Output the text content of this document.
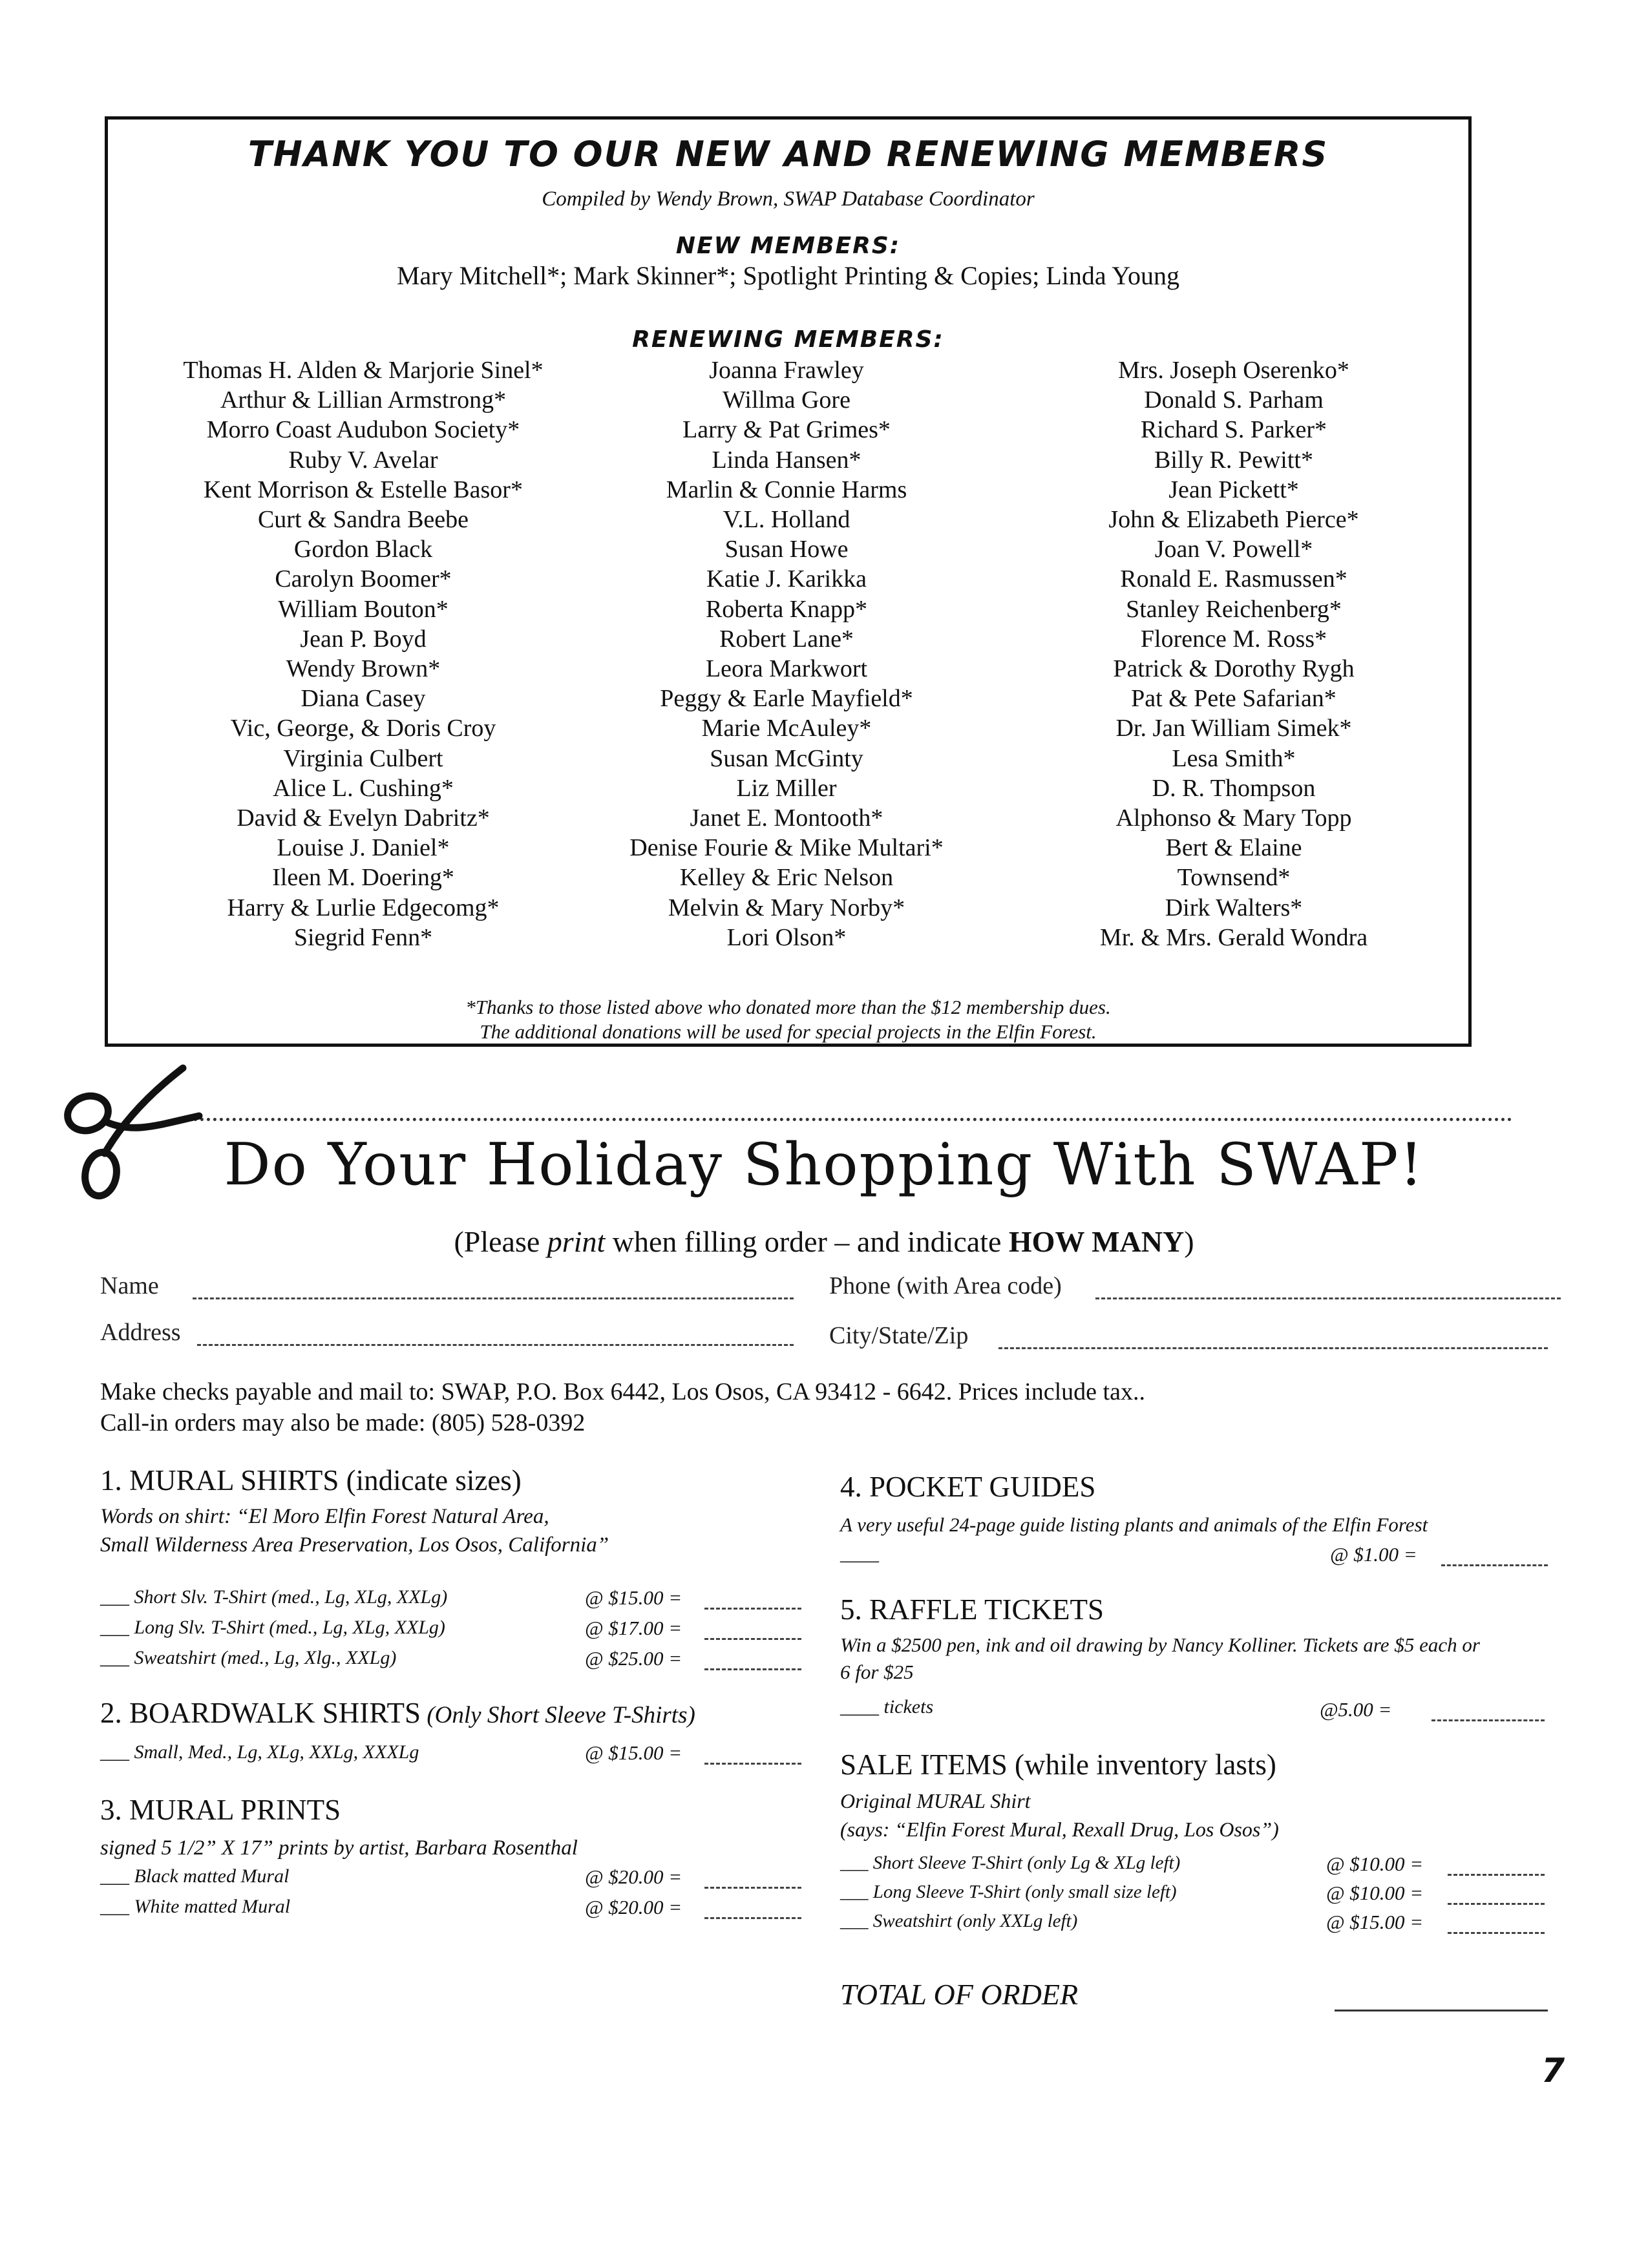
THANK YOU TO OUR NEW AND RENEWING MEMBERS
Compiled by Wendy Brown, SWAP Database Coordinator
NEW MEMBERS:
Mary Mitchell*; Mark Skinner*; Spotlight Printing & Copies; Linda Young
RENEWING MEMBERS:
Thomas H. Alden & Marjorie Sinel*
Arthur & Lillian Armstrong*
Morro Coast Audubon Society*
Ruby V. Avelar
Kent Morrison & Estelle Basor*
Curt & Sandra Beebe
Gordon Black
Carolyn Boomer*
William Bouton*
Jean P. Boyd
Wendy Brown*
Diana Casey
Vic, George, & Doris Croy
Virginia Culbert
Alice L. Cushing*
David & Evelyn Dabritz*
Louise J. Daniel*
Ileen M. Doering*
Harry & Lurlie Edgecomg*
Siegrid Fenn*
Joanna Frawley
Willma Gore
Larry & Pat Grimes*
Linda Hansen*
Marlin & Connie Harms
V.L. Holland
Susan Howe
Katie J. Karikka
Roberta Knapp*
Robert Lane*
Leora Markwort
Peggy & Earle Mayfield*
Marie McAuley*
Susan McGinty
Liz Miller
Janet E. Montooth*
Denise Fourie & Mike Multari*
Kelley & Eric Nelson
Melvin & Mary Norby*
Lori Olson*
Mrs. Joseph Oserenko*
Donald S. Parham
Richard S. Parker*
Billy R. Pewitt*
Jean Pickett*
John & Elizabeth Pierce*
Joan V. Powell*
Ronald E. Rasmussen*
Stanley Reichenberg*
Florence M. Ross*
Patrick & Dorothy Rygh
Pat & Pete Safarian*
Dr. Jan William Simek*
Lesa Smith*
D. R. Thompson
Alphonso & Mary Topp
Bert & Elaine
Townsend*
Dirk Walters*
Mr. & Mrs. Gerald Wondra
*Thanks to those listed above who donated more than the $12 membership dues.
The additional donations will be used for special projects in the Elfin Forest.
Do Your Holiday Shopping With SWAP!
(Please print when filling order – and indicate HOW MANY)
Name	Phone (with Area code)
Address	City/State/Zip
Make checks payable and mail to: SWAP, P.O. Box 6442, Los Osos, CA 93412 - 6642. Prices include tax..
Call-in orders may also be made: (805) 528-0392
1. MURAL SHIRTS (indicate sizes)
Words on shirt: “El Moro Elfin Forest Natural Area,
Small Wilderness Area Preservation, Los Osos, California”
___ Short Slv. T-Shirt (med., Lg, XLg, XXLg)	@ $15.00 =
___ Long Slv. T-Shirt (med., Lg, XLg, XXLg)	@ $17.00 =
___ Sweatshirt (med., Lg, Xlg., XXLg)	@ $25.00 =
2. BOARDWALK SHIRTS (Only Short Sleeve T-Shirts)
___ Small, Med., Lg, XLg, XXLg, XXXLg	@ $15.00 =
3. MURAL PRINTS
signed 5 1/2” X 17” prints by artist, Barbara Rosenthal
___ Black matted Mural	@ $20.00 =
___ White matted Mural	@ $20.00 =
4. POCKET GUIDES
A very useful 24-page guide listing plants and animals of the Elfin Forest
____	@ $1.00 =
5. RAFFLE TICKETS
Win a $2500 pen, ink and oil drawing by Nancy Kolliner. Tickets are $5 each or
6 for $25
____ tickets	@5.00 =
SALE ITEMS (while inventory lasts)
Original MURAL Shirt
(says: “Elfin Forest Mural, Rexall Drug, Los Osos”)
___ Short Sleeve T-Shirt (only Lg & XLg left)	@ $10.00 =
___ Long Sleeve T-Shirt (only small size left)	@ $10.00 =
___ Sweatshirt (only XXLg left)	@ $15.00 =
TOTAL OF ORDER
7
